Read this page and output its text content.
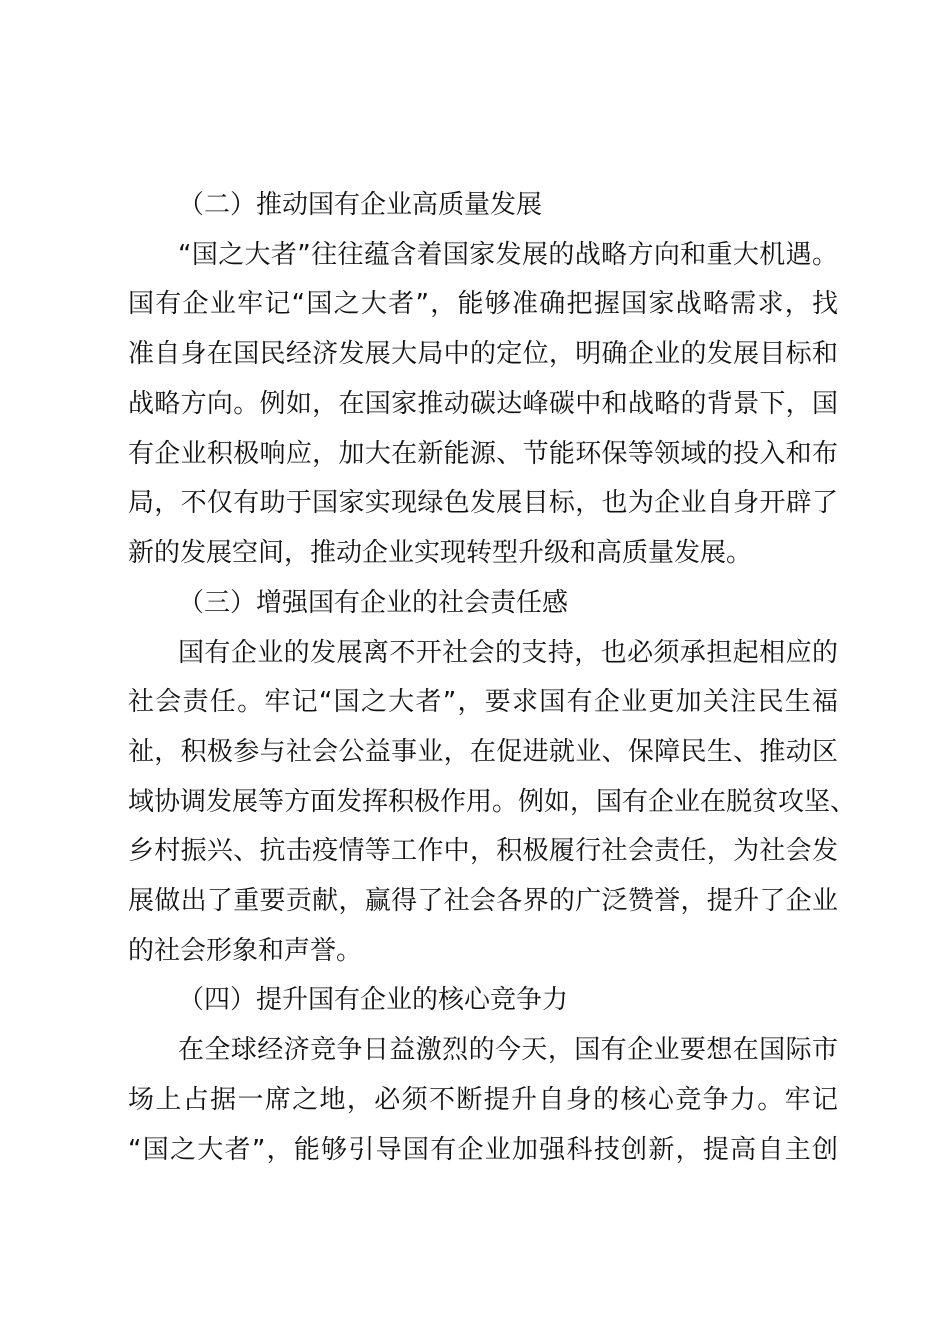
（二）推动国有企业高质量发展
“国之大者”往往蕴含着国家发展的战略方向和重大机遇。
国有企业牢记“国之大者”，能够准确把握国家战略需求，找
准自身在国民经济发展大局中的定位，明确企业的发展目标和
战略方向。例如，在国家推动碳达峰碳中和战略的背景下，国
有企业积极响应，加大在新能源、节能环保等领域的投入和布
局，不仅有助于国家实现绿色发展目标，也为企业自身开辟了
新的发展空间，推动企业实现转型升级和高质量发展。
（三）增强国有企业的社会责任感
国有企业的发展离不开社会的支持，也必须承担起相应的
社会责任。牢记“国之大者”，要求国有企业更加关注民生福
祉，积极参与社会公益事业，在促进就业、保障民生、推动区
域协调发展等方面发挥积极作用。例如，国有企业在脱贫攻坚、
乡村振兴、抗击疫情等工作中，积极履行社会责任，为社会发
展做出了重要贡献，赢得了社会各界的广泛赞誉，提升了企业
的社会形象和声誉。
（四）提升国有企业的核心竞争力
在全球经济竞争日益激烈的今天，国有企业要想在国际市
场上占据一席之地，必须不断提升自身的核心竞争力。牢记
“国之大者”，能够引导国有企业加强科技创新，提高自主创
